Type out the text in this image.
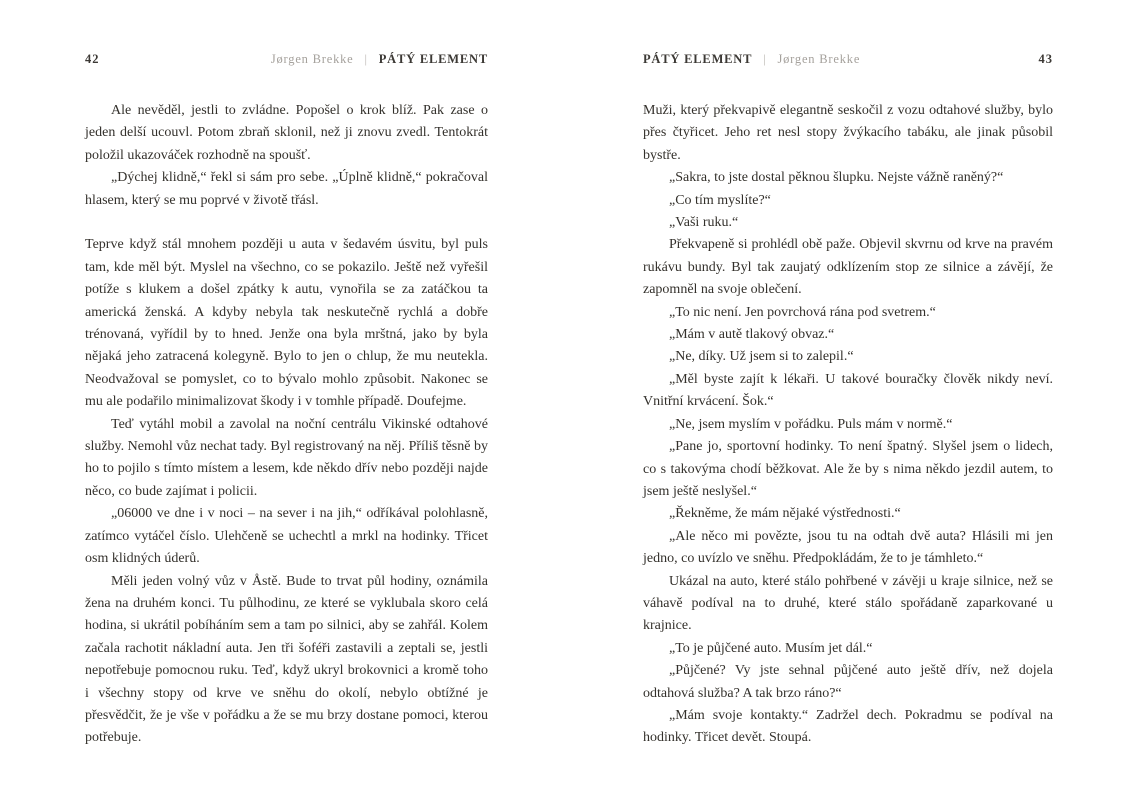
42	Jørgen Brekke | PÁTÝ ELEMENT

Ale nevěděl, jestli to zvládne. Popošel o krok blíž. Pak zase o jeden delší ucouvl. Potom zbraň sklonil, než ji znovu zvedl. Tentokrát položil ukazováček rozhodně na spoušť.

„Dýchej klidně,“ řekl si sám pro sebe. „Úplně klidně,“ pokračoval hlasem, který se mu poprvé v životě třásl.

Teprve když stál mnohem později u auta v šedavém úsvitu, byl puls tam, kde měl být. Myslel na všechno, co se pokazilo. Ještě než vyřešil potíže s klukem a došel zpátky k autu, vynořila se za zatáčkou ta americká ženská. A kdyby nebyla tak neskutečně rychlá a dobře trénovaná, vyřídil by to hned. Jenže ona byla mrštná, jako by byla nějaká jeho zatracená kolegyně. Bylo to jen o chlup, že mu neutekla. Neodvažoval se pomyslet, co to bývalo mohlo způsobit. Nakonec se mu ale podařilo minimalizovat škody i v tomhle případě. Doufejme.

Teď vytáhl mobil a zavolal na noční centrálu Vikinské odtahové služby. Nemohl vůz nechat tady. Byl registrovaný na něj. Příliš těsně by ho to pojilo s tímto místem a lesem, kde někdo dřív nebo později najde něco, co bude zajímat i policii.

„06000 ve dne i v noci – na sever i na jih,“ odříkával polohlasně, zatímco vytáčel číslo. Ulehčeně se uchechtl a mrkl na hodinky. Třicet osm klidných úderů.

Měli jeden volný vůz v Åstě. Bude to trvat půl hodiny, oznámila žena na druhém konci. Tu půlhodinu, ze které se vyklubala skoro celá hodina, si ukrátil pobíháním sem a tam po silnici, aby se zahřál. Kolem začala rachotit nákladní auta. Jen tři šoféři zastavili a zeptali se, jestli nepotřebuje pomocnou ruku. Teď, když ukryl brokovnici a kromě toho i všechny stopy od krve ve sněhu do okolí, nebylo obtížné je přesvědčit, že je vše v pořádku a že se mu brzy dostane pomoci, kterou potřebuje.

PÁTÝ ELEMENT | Jørgen Brekke	43

Muži, který překvapivě elegantně seskočil z vozu odtahové služby, bylo přes čtyřicet. Jeho ret nesl stopy žvýkacího tabáku, ale jinak působil bystře.

„Sakra, to jste dostal pěknou šlupku. Nejste vážně raněný?“

„Co tím myslíte?“

„Vaši ruku.“

Překvapeně si prohlédl obě paže. Objevil skvrnu od krve na pravém rukávu bundy. Byl tak zaujatý odklízením stop ze silnice a závějí, že zapomněl na svoje oblečení.

„To nic není. Jen povrchová rána pod svetrem.“

„Mám v autě tlakový obvaz.“

„Ne, díky. Už jsem si to zalepil.“

„Měl byste zajít k lékaři. U takové bouračky člověk nikdy neví. Vnitřní krvácení. Šok.“

„Ne, jsem myslím v pořádku. Puls mám v normě.“

„Pane jo, sportovní hodinky. To není špatný. Slyšel jsem o lidech, co s takovýma chodí běžkovat. Ale že by s nima někdo jezdil autem, to jsem ještě neslyšel.“

„Řekněme, že mám nějaké výstřednosti.“

„Ale něco mi povězte, jsou tu na odtah dvě auta? Hlásili mi jen jedno, co uvízlo ve sněhu. Předpokládám, že to je támhleto.“

Ukázal na auto, které stálo pohřbené v závěji u kraje silnice, než se váhavě podíval na to druhé, které stálo spořádaně zaparkované u krajnice.

„To je půjčené auto. Musím jet dál.“

„Půjčené? Vy jste sehnal půjčené auto ještě dřív, než dojela odtahová služba? A tak brzo ráno?“

„Mám svoje kontakty.“ Zadržel dech. Pokradmu se podíval na hodinky. Třicet devět. Stoupá.
